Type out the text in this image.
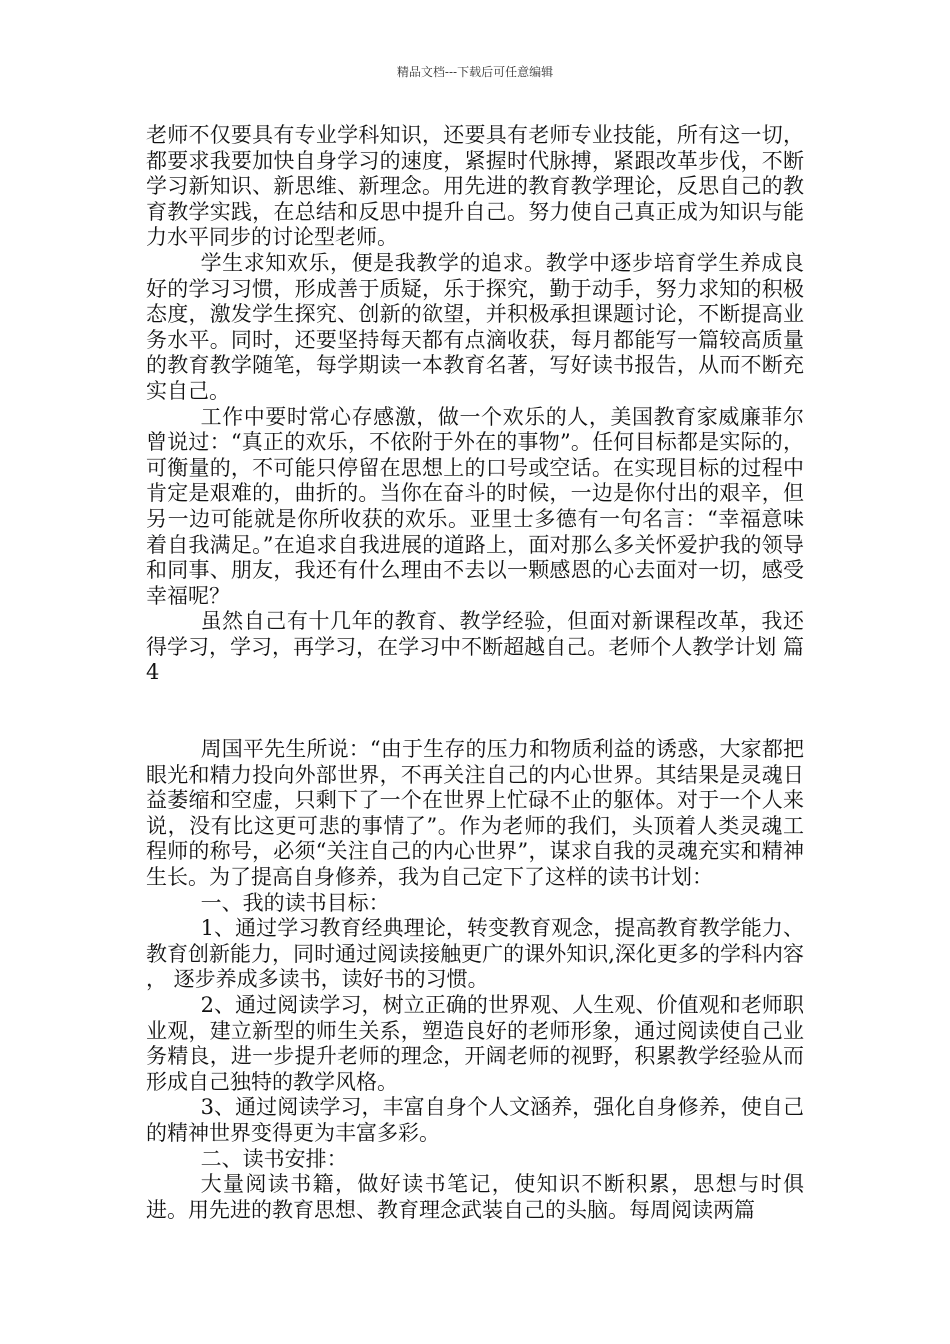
精品文档---下载后可任意编辑

老师不仅要具有专业学科知识，还要具有老师专业技能，所有这一切，都要求我要加快自身学习的速度，紧握时代脉搏，紧跟改革步伐，不断学习新知识、新思维、新理念。用先进的教育教学理论，反思自己的教育教学实践，在总结和反思中提升自己。努力使自己真正成为知识与能力水平同步的讨论型老师。

学生求知欢乐，便是我教学的追求。教学中逐步培育学生养成良好的学习习惯，形成善于质疑，乐于探究，勤于动手，努力求知的积极态度，激发学生探究、创新的欲望，并积极承担课题讨论，不断提高业务水平。同时，还要坚持每天都有点滴收获，每月都能写一篇较高质量的教育教学随笔，每学期读一本教育名著，写好读书报告，从而不断充实自己。

工作中要时常心存感激，做一个欢乐的人，美国教育家威廉菲尔曾说过：“真正的欢乐，不依附于外在的事物”。任何目标都是实际的，可衡量的，不可能只停留在思想上的口号或空话。在实现目标的过程中肯定是艰难的，曲折的。当你在奋斗的时候，一边是你付出的艰辛，但另一边可能就是你所收获的欢乐。亚里士多德有一句名言：“幸福意味着自我满足。”在追求自我进展的道路上，面对那么多关怀爱护我的领导和同事、朋友，我还有什么理由不去以一颗感恩的心去面对一切，感受幸福呢？

虽然自己有十几年的教育、教学经验，但面对新课程改革，我还得学习，学习，再学习，在学习中不断超越自己。老师个人教学计划 篇4

周国平先生所说：“由于生存的压力和物质利益的诱惑，大家都把眼光和精力投向外部世界，不再关注自己的内心世界。其结果是灵魂日益萎缩和空虚，只剩下了一个在世界上忙碌不止的躯体。对于一个人来说，没有比这更可悲的事情了”。作为老师的我们，头顶着人类灵魂工程师的称号，必须“关注自己的内心世界”，谋求自我的灵魂充实和精神生长。为了提高自身修养，我为自己定下了这样的读书计划：

一、我的读书目标：

1、通过学习教育经典理论，转变教育观念，提高教育教学能力、教育创新能力，同时通过阅读接触更广的课外知识,深化更多的学科内容 ， 逐步养成多读书，读好书的习惯。

2、通过阅读学习，树立正确的世界观、人生观、价值观和老师职业观，建立新型的师生关系，塑造良好的老师形象，通过阅读使自己业务精良，进一步提升老师的理念，开阔老师的视野，积累教学经验从而形成自己独特的教学风格。

3、通过阅读学习，丰富自身个人文涵养，强化自身修养，使自己的精神世界变得更为丰富多彩。

二、读书安排：

大量阅读书籍，做好读书笔记，使知识不断积累，思想与时俱进。用先进的教育思想、教育理念武装自己的头脑。每周阅读两篇
